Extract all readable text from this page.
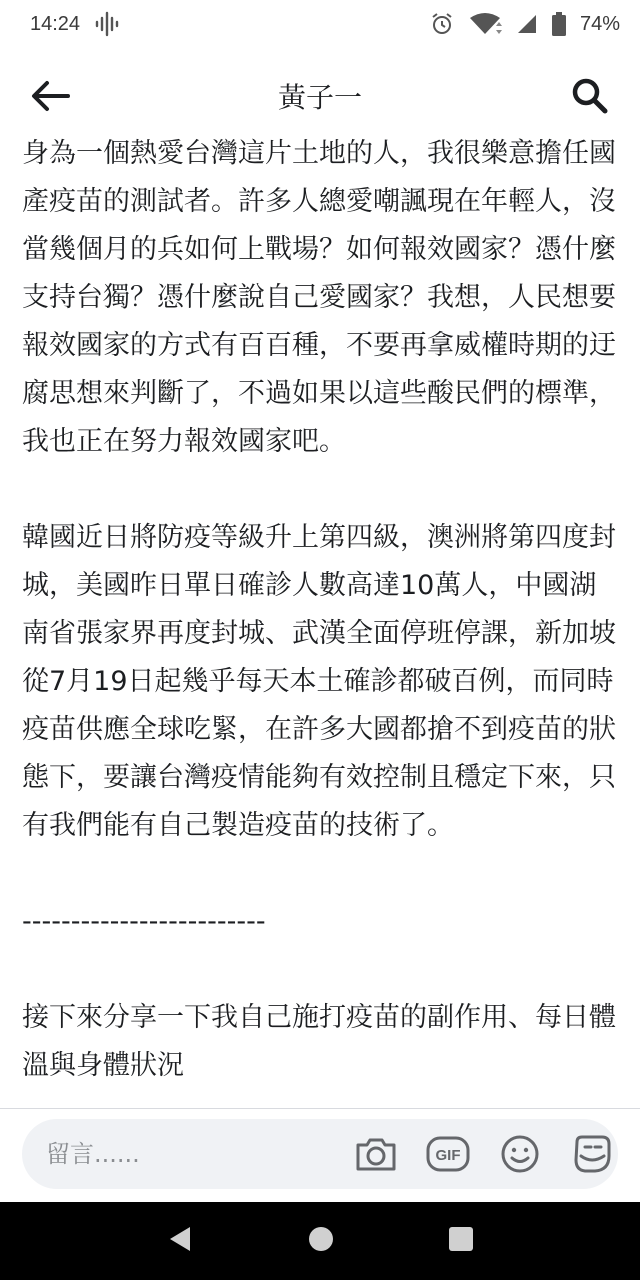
14:24	74%
黃子一

身為一個熱愛台灣這片土地的人，我很樂意擔任國產疫苗的測試者。許多人總愛嘲諷現在年輕人，沒當幾個月的兵如何上戰場？如何報效國家？憑什麼支持台獨？憑什麼說自己愛國家？我想，人民想要報效國家的方式有百百種，不要再拿威權時期的迂腐思想來判斷了，不過如果以這些酸民們的標準，我也正在努力報效國家吧。

韓國近日將防疫等級升上第四級，澳洲將第四度封城，美國昨日單日確診人數高達10萬人，中國湖南省張家界再度封城、武漢全面停班停課，新加坡從7月19日起幾乎每天本土確診都破百例，而同時疫苗供應全球吃緊，在許多大國都搶不到疫苗的狀態下，要讓台灣疫情能夠有效控制且穩定下來，只有我們能有自己製造疫苗的技術了。

-------------------------

接下來分享一下我自己施打疫苗的副作用、每日體溫與身體狀況

留言......
GIF
